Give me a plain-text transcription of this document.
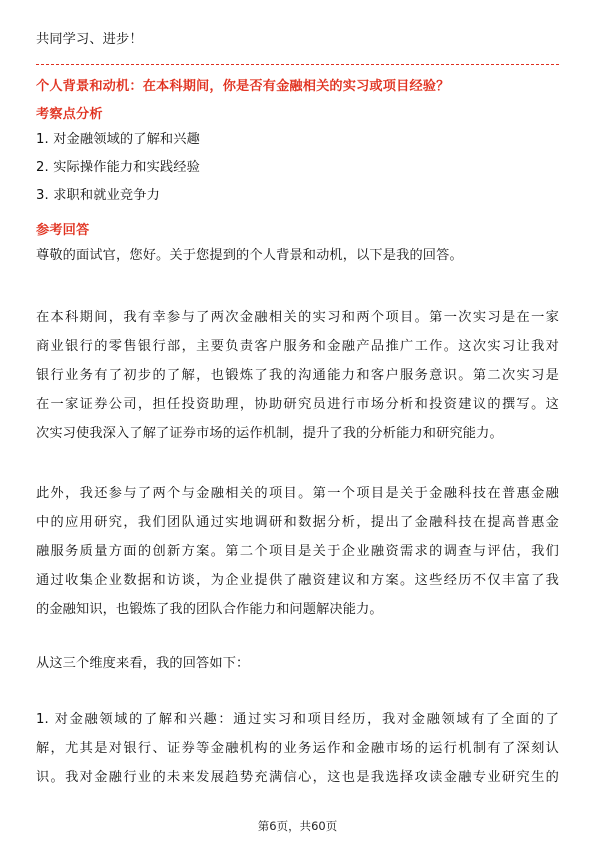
共同学习、进步！
个人背景和动机：在本科期间，你是否有金融相关的实习或项目经验？
考察点分析
1. 对金融领域的了解和兴趣
2. 实际操作能力和实践经验
3. 求职和就业竞争力
参考回答
尊敬的面试官，您好。关于您提到的个人背景和动机，以下是我的回答。
在本科期间，我有幸参与了两次金融相关的实习和两个项目。第一次实习是在一家
商业银行的零售银行部，主要负责客户服务和金融产品推广工作。这次实习让我对
银行业务有了初步的了解，也锻炼了我的沟通能力和客户服务意识。第二次实习是
在一家证券公司，担任投资助理，协助研究员进行市场分析和投资建议的撰写。这
次实习使我深入了解了证券市场的运作机制，提升了我的分析能力和研究能力。
此外，我还参与了两个与金融相关的项目。第一个项目是关于金融科技在普惠金融
中的应用研究，我们团队通过实地调研和数据分析，提出了金融科技在提高普惠金
融服务质量方面的创新方案。第二个项目是关于企业融资需求的调查与评估，我们
通过收集企业数据和访谈，为企业提供了融资建议和方案。这些经历不仅丰富了我
的金融知识，也锻炼了我的团队合作能力和问题解决能力。
从这三个维度来看，我的回答如下：
1. 对金融领域的了解和兴趣：通过实习和项目经历，我对金融领域有了全面的了
解，尤其是对银行、证券等金融机构的业务运作和金融市场的运行机制有了深刻认
识。我对金融行业的未来发展趋势充满信心，这也是我选择攻读金融专业研究生的
第6页，共60页
